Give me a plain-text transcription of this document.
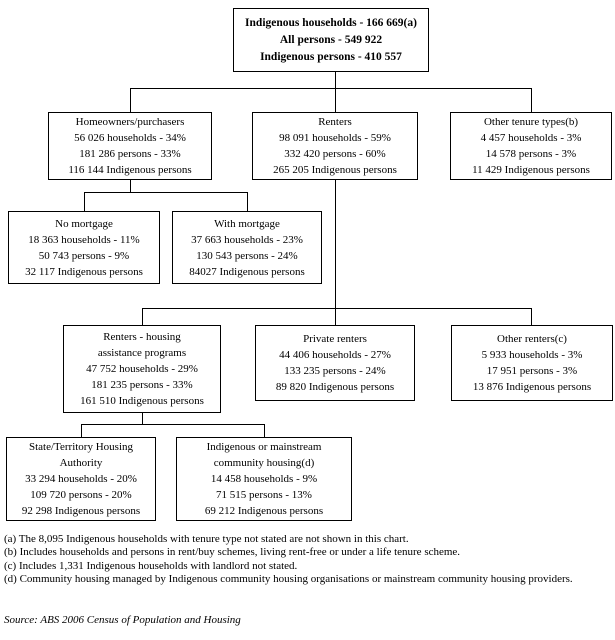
Indigenous households - 166 669(a)
All persons - 549 922
Indigenous persons - 410 557
Homeowners/purchasers
56 026 households - 34%
181 286 persons - 33%
116 144 Indigenous persons
Renters
98 091 households - 59%
332 420 persons - 60%
265 205 Indigenous persons
Other tenure types(b)
4 457 households - 3%
14 578 persons - 3%
11 429 Indigenous persons
No mortgage
18 363 households - 11%
50 743 persons - 9%
32 117 Indigenous persons
With mortgage
37 663 households - 23%
130 543 persons - 24%
84027 Indigenous persons
Renters - housing
assistance programs
47 752 households - 29%
181 235 persons - 33%
161 510 Indigenous persons
Private renters
44 406 households - 27%
133 235 persons - 24%
89 820 Indigenous persons
Other renters(c)
5 933 households - 3%
17 951 persons - 3%
13 876 Indigenous persons
State/Territory Housing
Authority
33 294 households - 20%
109 720 persons - 20%
92 298 Indigenous persons
Indigenous or mainstream
community housing(d)
14 458 households - 9%
71 515 persons - 13%
69 212 Indigenous persons
(a) The 8,095 Indigenous households with tenure type not stated are not shown in this chart.
(b) Includes households and persons in rent/buy schemes, living rent-free or under a life tenure scheme.
(c) Includes 1,331 Indigenous households with landlord not stated.
(d) Community housing managed by Indigenous community housing organisations or mainstream community housing providers.
Source: ABS 2006 Census of Population and Housing
